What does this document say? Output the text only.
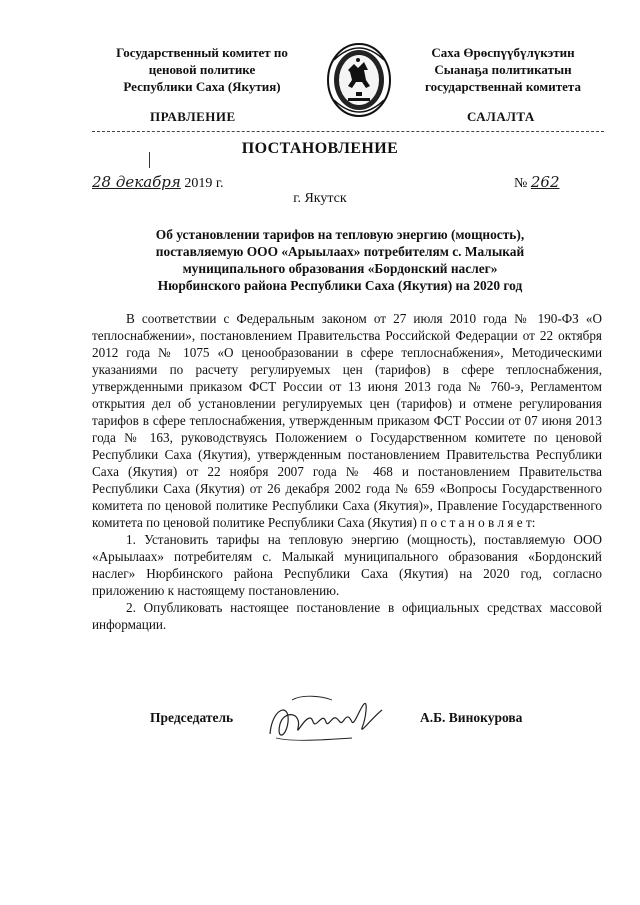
Государственный комитет по
ценовой политике
Республики Саха (Якутия)
Саха Өрөспүүбүлүкэтин
Сыанаҕа политикатын
государственнай комитета
ПРАВЛЕНИЕ	САЛАЛТА
ПОСТАНОВЛЕНИЕ
28 декабря 2019 г.	№ 262
г. Якутск
Об установлении тарифов на тепловую энергию (мощность), поставляемую ООО «Арыылаах» потребителям с. Малыкай муниципального образования «Бордонский наслег» Нюрбинского района Республики Саха (Якутия) на 2020 год

В соответствии с Федеральным законом от 27 июля 2010 года № 190-ФЗ «О теплоснабжении», постановлением Правительства Российской Федерации от 22 октября 2012 года № 1075 «О ценообразовании в сфере теплоснабжения», Методическими указаниями по расчету регулируемых цен (тарифов) в сфере теплоснабжения, утвержденными приказом ФСТ России от 13 июня 2013 года № 760-э, Регламентом открытия дел об установлении регулируемых цен (тарифов) и отмене регулирования тарифов в сфере теплоснабжения, утвержденным приказом ФСТ России от 07 июня 2013 года № 163, руководствуясь Положением о Государственном комитете по ценовой Республики Саха (Якутия), утвержденным постановлением Правительства Республики Саха (Якутия) от 22 ноября 2007 года № 468 и постановлением Правительства Республики Саха (Якутия) от 26 декабря 2002 года № 659 «Вопросы Государственного комитета по ценовой политике Республики Саха (Якутия)», Правление Государственного комитета по ценовой политике Республики Саха (Якутия) п о с т а н о в л я е т:

1. Установить тарифы на тепловую энергию (мощность), поставляемую ООО «Арыылаах» потребителям с. Малыкай муниципального образования «Бордонский наслег» Нюрбинского района Республики Саха (Якутия) на 2020 год, согласно приложению к настоящему постановлению.

2. Опубликовать настоящее постановление в официальных средствах массовой информации.

Председатель	А.Б. Винокурова
